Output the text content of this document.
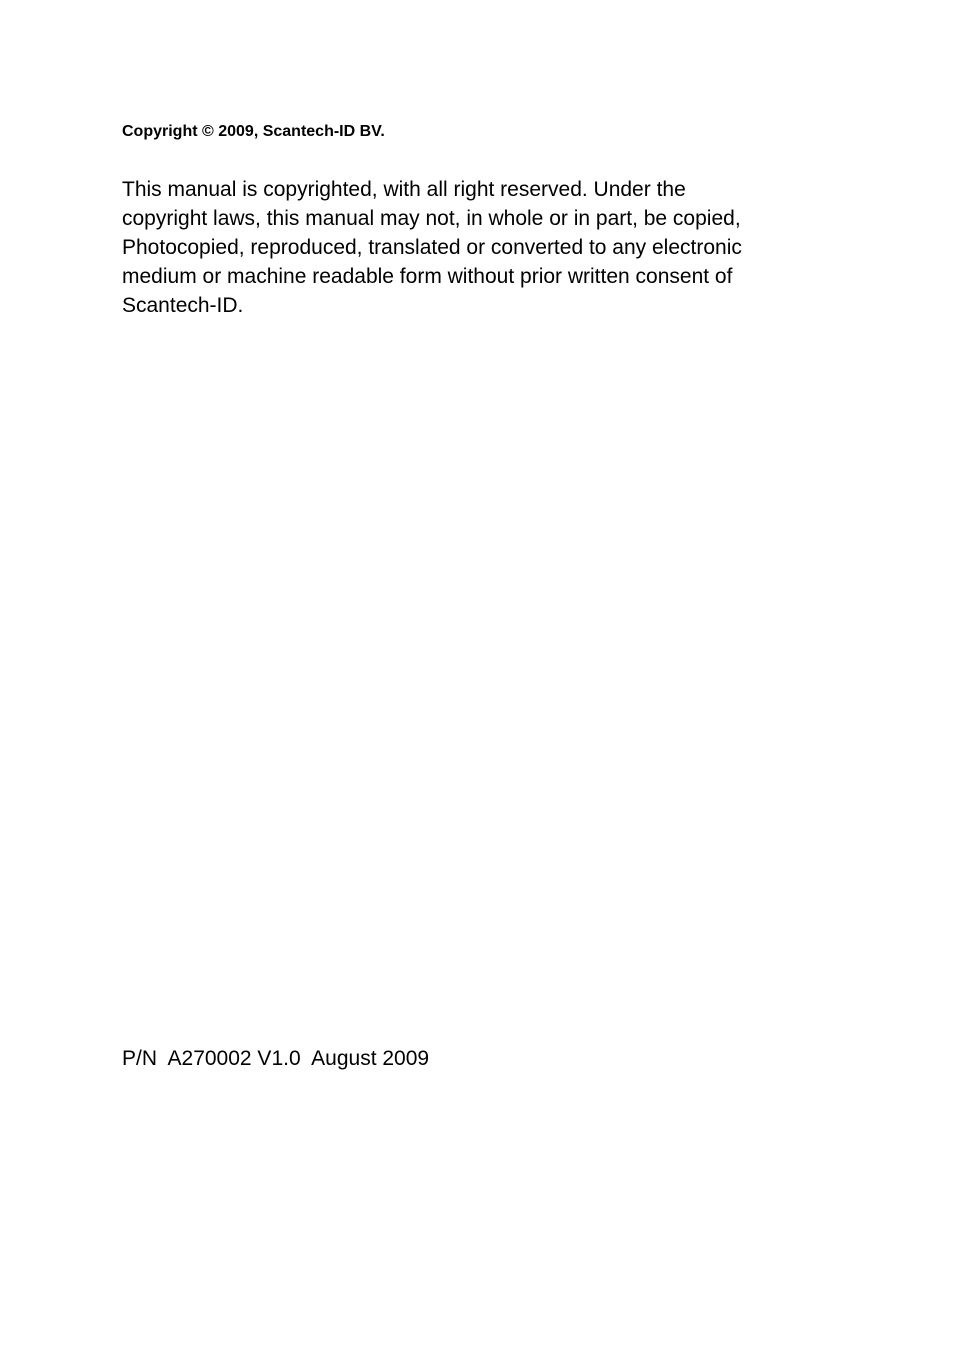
Copyright © 2009, Scantech-ID BV.

This manual is copyrighted, with all right reserved. Under the
copyright laws, this manual may not, in whole or in part, be copied,
Photocopied, reproduced, translated or converted to any electronic
medium or machine readable form without prior written consent of
Scantech-ID.

P/N  A270002 V1.0  August 2009
